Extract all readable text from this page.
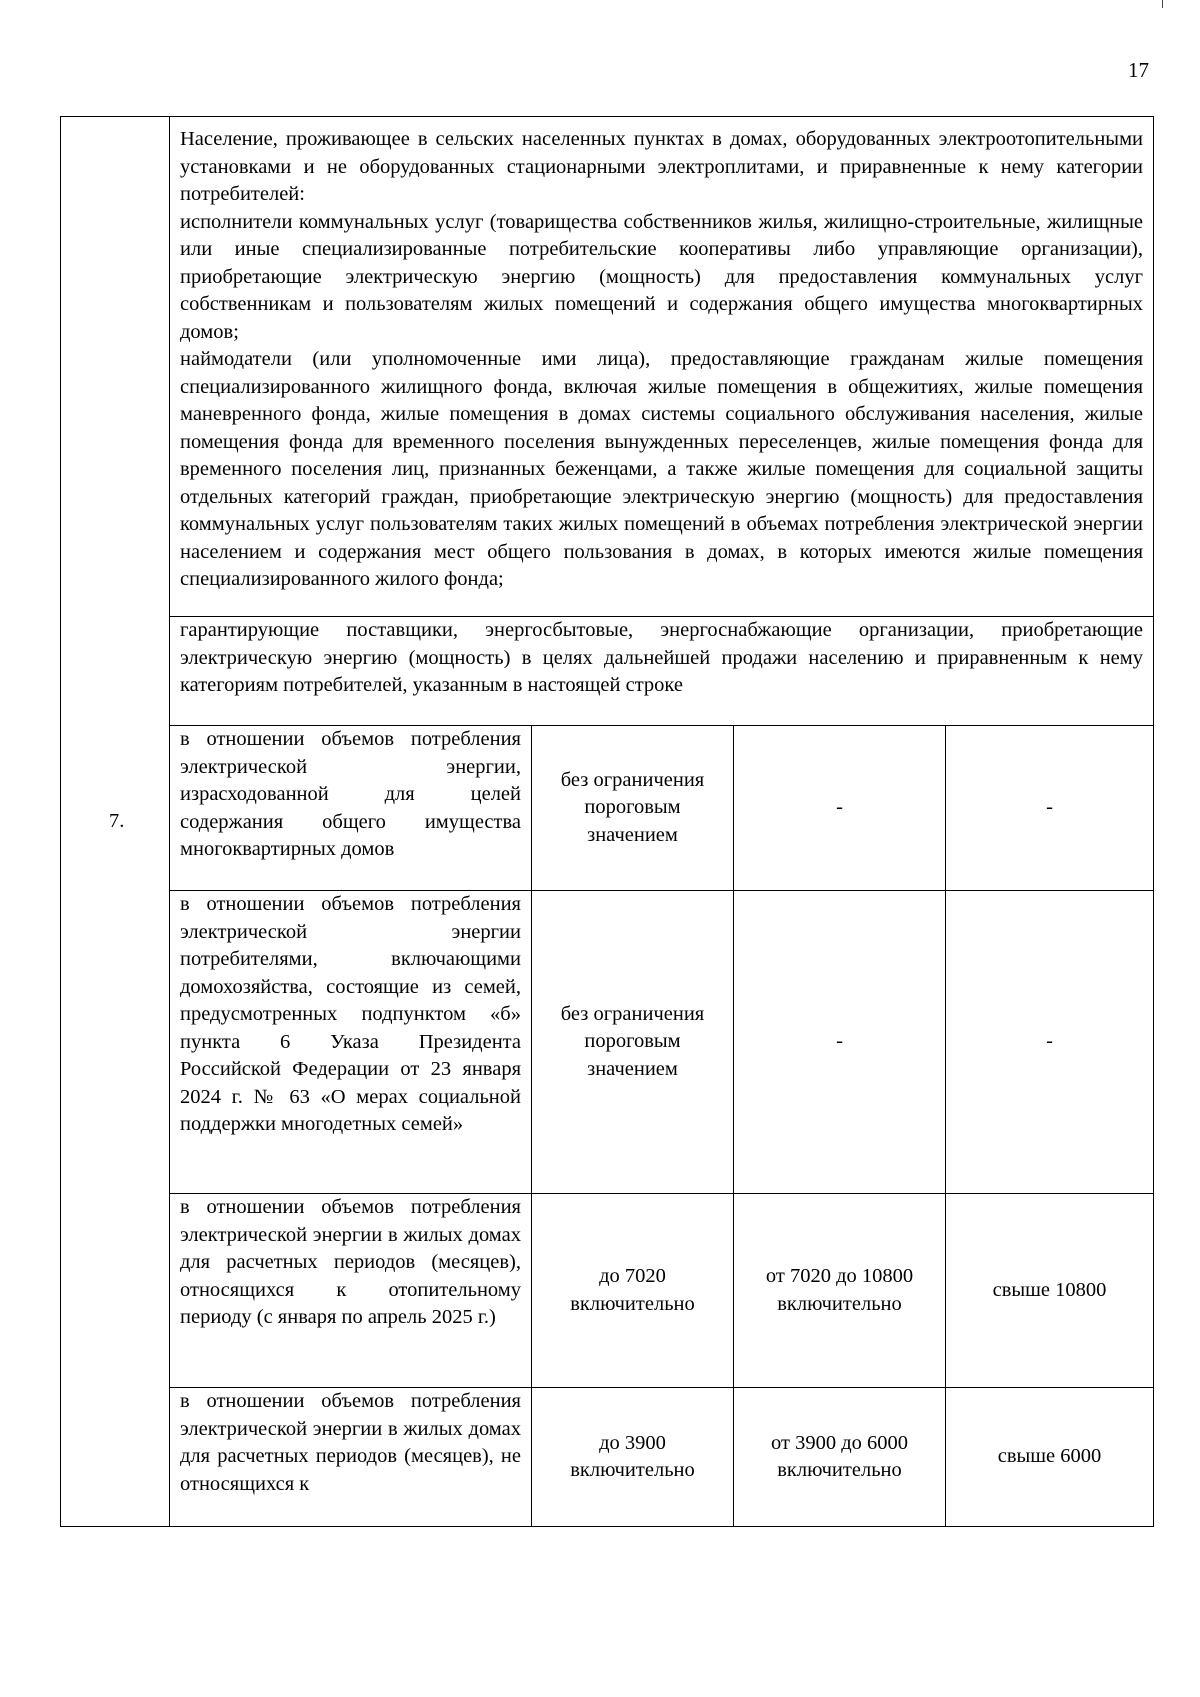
17
7.	Население, проживающее в сельских населенных пунктах в домах, оборудованных электроотопительными установками и не оборудованных стационарными электроплитами, и приравненные к нему категории потребителей:
исполнители коммунальных услуг (товарищества собственников жилья, жилищно-строительные, жилищные или иные специализированные потребительские кооперативы либо управляющие организации), приобретающие электрическую энергию (мощность) для предоставления коммунальных услуг собственникам и пользователям жилых помещений и содержания общего имущества многоквартирных домов;
наймодатели (или уполномоченные ими лица), предоставляющие гражданам жилые помещения специализированного жилищного фонда, включая жилые помещения в общежитиях, жилые помещения маневренного фонда, жилые помещения в домах системы социального обслуживания населения, жилые помещения фонда для временного поселения вынужденных переселенцев, жилые помещения фонда для временного поселения лиц, признанных беженцами, а также жилые помещения для социальной защиты отдельных категорий граждан, приобретающие электрическую энергию (мощность) для предоставления коммунальных услуг пользователям таких жилых помещений в объемах потребления электрической энергии населением и содержания мест общего пользования в домах, в которых имеются жилые помещения специализированного жилого фонда;			

	гарантирующие поставщики, энергосбытовые, энергоснабжающие организации, приобретающие электрическую энергию (мощность) в целях дальнейшей продажи населению и приравненным к нему категориям потребителей, указанным в настоящей строке			
	в отношении объемов потребления электрической энергии, израсходованной для целей содержания общего имущества многоквартирных домов	без ограничения пороговым значением	-	-
	в отношении объемов потребления электрической энергии потребителями, включающими домохозяйства, состоящие из семей, предусмотренных подпунктом «б» пункта 6 Указа Президента Российской Федерации от 23 января 2024 г. № 63 «О мерах социальной поддержки многодетных семей»	без ограничения пороговым значением	-	-
	в отношении объемов потребления электрической энергии в жилых домах для расчетных периодов (месяцев), относящихся к отопительному периоду (с января по апрель 2025 г.)	до 7020 включительно	от 7020 до 10800 включительно	свыше 10800
	в отношении объемов потребления электрической энергии в жилых домах для расчетных периодов (месяцев), не относящихся к	до 3900 включительно	от 3900 до 6000 включительно	свыше 6000
